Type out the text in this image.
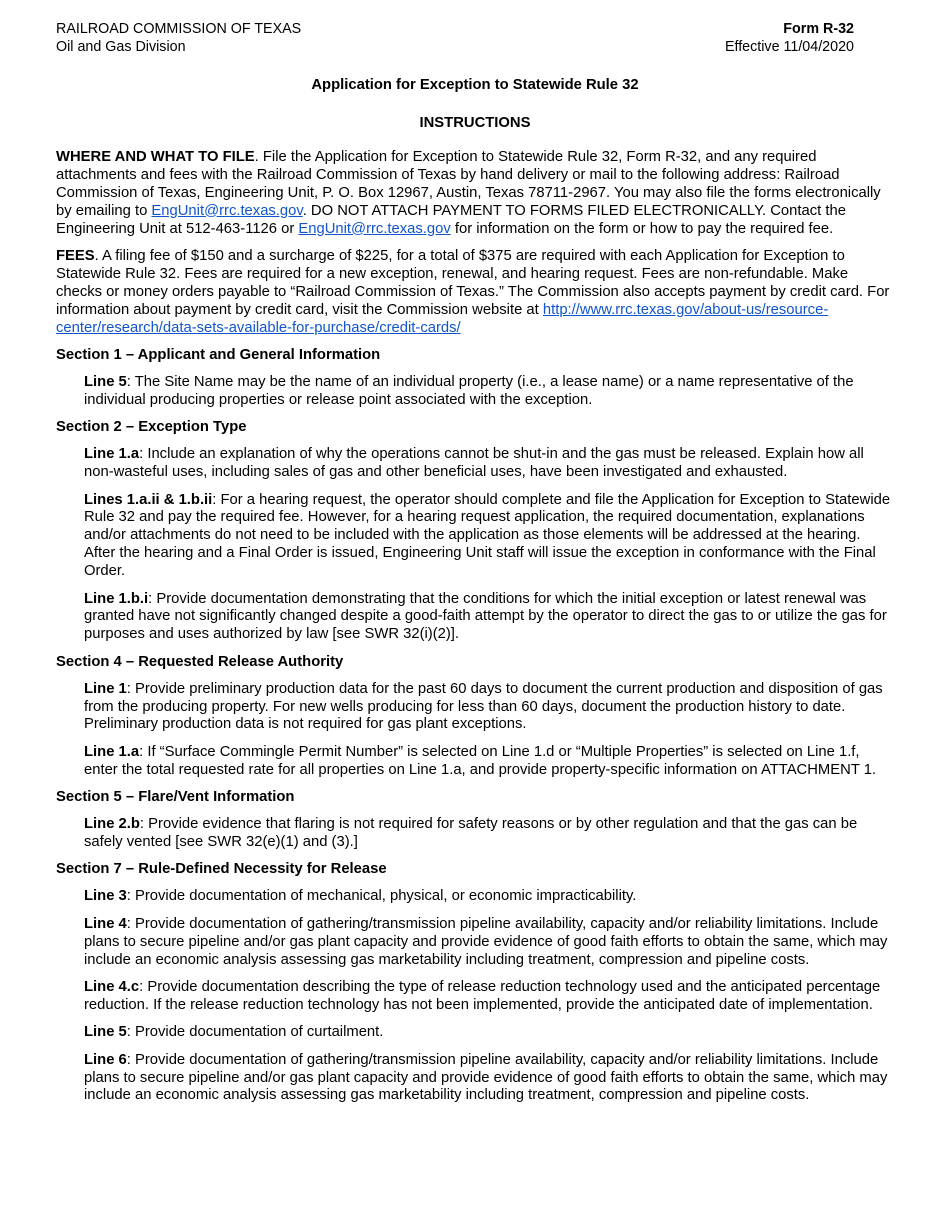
RAILROAD COMMISSION OF TEXAS
Oil and Gas Division
Form R-32
Effective 11/04/2020
Application for Exception to Statewide Rule 32
INSTRUCTIONS

WHERE AND WHAT TO FILE. File the Application for Exception to Statewide Rule 32, Form R-32, and any required attachments and fees with the Railroad Commission of Texas by hand delivery or mail to the following address: Railroad Commission of Texas, Engineering Unit, P. O. Box 12967, Austin, Texas 78711-2967. You may also file the forms electronically by emailing to EngUnit@rrc.texas.gov. DO NOT ATTACH PAYMENT TO FORMS FILED ELECTRONICALLY. Contact the Engineering Unit at 512-463-1126 or EngUnit@rrc.texas.gov for information on the form or how to pay the required fee.

FEES. A filing fee of $150 and a surcharge of $225, for a total of $375 are required with each Application for Exception to Statewide Rule 32. Fees are required for a new exception, renewal, and hearing request. Fees are non-refundable. Make checks or money orders payable to “Railroad Commission of Texas.” The Commission also accepts payment by credit card. For information about payment by credit card, visit the Commission website at http://www.rrc.texas.gov/about-us/resource-center/research/data-sets-available-for-purchase/credit-cards/

Section 1 – Applicant and General Information

Line 5: The Site Name may be the name of an individual property (i.e., a lease name) or a name representative of the individual producing properties or release point associated with the exception.

Section 2 – Exception Type

Line 1.a: Include an explanation of why the operations cannot be shut-in and the gas must be released. Explain how all non-wasteful uses, including sales of gas and other beneficial uses, have been investigated and exhausted.

Lines 1.a.ii & 1.b.ii: For a hearing request, the operator should complete and file the Application for Exception to Statewide Rule 32 and pay the required fee. However, for a hearing request application, the required documentation, explanations and/or attachments do not need to be included with the application as those elements will be addressed at the hearing. After the hearing and a Final Order is issued, Engineering Unit staff will issue the exception in conformance with the Final Order.

Line 1.b.i: Provide documentation demonstrating that the conditions for which the initial exception or latest renewal was granted have not significantly changed despite a good-faith attempt by the operator to direct the gas to or utilize the gas for purposes and uses authorized by law [see SWR 32(i)(2)].

Section 4 – Requested Release Authority

Line 1: Provide preliminary production data for the past 60 days to document the current production and disposition of gas from the producing property. For new wells producing for less than 60 days, document the production history to date. Preliminary production data is not required for gas plant exceptions.

Line 1.a: If “Surface Commingle Permit Number” is selected on Line 1.d or “Multiple Properties” is selected on Line 1.f, enter the total requested rate for all properties on Line 1.a, and provide property-specific information on ATTACHMENT 1.

Section 5 – Flare/Vent Information

Line 2.b: Provide evidence that flaring is not required for safety reasons or by other regulation and that the gas can be safely vented [see SWR 32(e)(1) and (3).]

Section 7 – Rule-Defined Necessity for Release

Line 3: Provide documentation of mechanical, physical, or economic impracticability.

Line 4: Provide documentation of gathering/transmission pipeline availability, capacity and/or reliability limitations. Include plans to secure pipeline and/or gas plant capacity and provide evidence of good faith efforts to obtain the same, which may include an economic analysis assessing gas marketability including treatment, compression and pipeline costs.

Line 4.c: Provide documentation describing the type of release reduction technology used and the anticipated percentage reduction. If the release reduction technology has not been implemented, provide the anticipated date of implementation.

Line 5: Provide documentation of curtailment.

Line 6: Provide documentation of gathering/transmission pipeline availability, capacity and/or reliability limitations. Include plans to secure pipeline and/or gas plant capacity and provide evidence of good faith efforts to obtain the same, which may include an economic analysis assessing gas marketability including treatment, compression and pipeline costs.
